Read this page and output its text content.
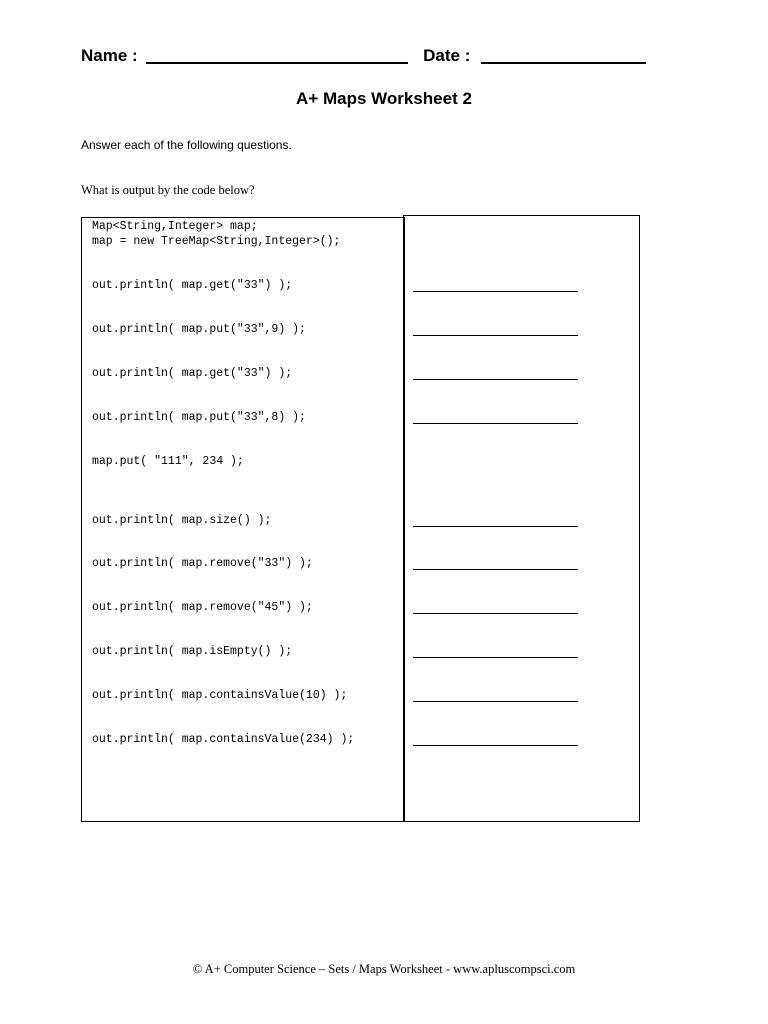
Name :	Date :
A+ Maps Worksheet 2
Answer each of the following questions.
What is output by the code below?
Map<String,Integer> map;
map = new TreeMap<String,Integer>();
out.println( map.get("33") );
out.println( map.put("33",9) );
out.println( map.get("33") );
out.println( map.put("33",8) );
map.put( "111", 234 );
out.println( map.size() );
out.println( map.remove("33") );
out.println( map.remove("45") );
out.println( map.isEmpty() );
out.println( map.containsValue(10) );
out.println( map.containsValue(234) );
© A+ Computer Science – Sets / Maps Worksheet - www.apluscompsci.com
